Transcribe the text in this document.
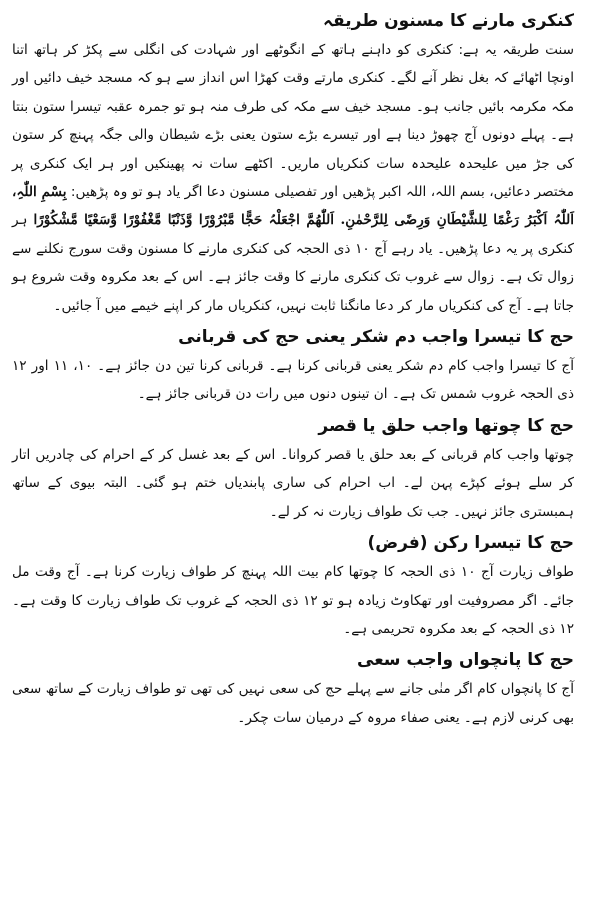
کنکری مارنے کا مسنون طریقہ

سنت طریقہ یہ ہے: کنکری کو داہنے ہاتھ کے انگوٹھے اور شہادت کی انگلی سے پکڑ کر ہاتھ اتنا اونچا اٹھائے کہ بغل نظر آنے لگے۔ کنکری مارتے وقت کھڑا اس انداز سے ہو کہ مسجد خیف دائیں اور مکہ مکرمہ بائیں جانب ہو۔ مسجد خیف سے مکہ کی طرف منہ ہو تو جمرہ عقبہ تیسرا ستون بنتا ہے۔ پہلے دونوں آج چھوڑ دینا ہے اور تیسرے بڑے ستون یعنی بڑے شیطان والی جگہ پہنچ کر ستون کی جڑ میں علیحدہ علیحدہ سات کنکریاں ماریں۔ اکٹھے سات نہ پھینکیں اور ہر ایک کنکری پر مختصر دعائیں، بسم اللہ، اللہ اکبر پڑھیں اور تفصیلی مسنون دعا اگر یاد ہو تو وہ پڑھیں: بِسْمِ اللّٰہِ، اَللّٰہُ اَکْبَرُ رَغْمًا لِلشَّیْطَانِ وَرِضًی لِلرَّحْمٰنِ. اَللّٰھُمَّ اجْعَلْہُ حَجًّا مَّبْرُوْرًا وَّذَنْبًا مَّغْفُوْرًا وَّسَعْیًا مَّشْکُوْرًا ہر کنکری پر یہ دعا پڑھیں۔ یاد رہے آج ۱۰ ذی الحجہ کی کنکری مارنے کا مسنون وقت سورج نکلنے سے زوال تک ہے۔ زوال سے غروب تک کنکری مارنے کا وقت جائز ہے۔ اس کے بعد مکروہ وقت شروع ہو جاتا ہے۔ آج کی کنکریاں مار کر دعا مانگنا ثابت نہیں، کنکریاں مار کر اپنے خیمے میں آ جائیں۔

حج کا تیسرا واجب دم شکر یعنی حج کی قربانی

آج کا تیسرا واجب کام دم شکر یعنی قربانی کرنا ہے۔ قربانی کرنا تین دن جائز ہے۔ ۱۰، ۱۱ اور ۱۲ ذی الحجہ غروب شمس تک ہے۔ ان تینوں دنوں میں رات دن قربانی جائز ہے۔

حج کا چوتھا واجب حلق یا قصر

چوتھا واجب کام قربانی کے بعد حلق یا قصر کروانا۔ اس کے بعد غسل کر کے احرام کی چادریں اتار کر سلے ہوئے کپڑے پہن لے۔ اب احرام کی ساری پابندیاں ختم ہو گئی۔ البتہ بیوی کے ساتھ ہمبستری جائز نہیں۔ جب تک طواف زیارت نہ کر لے۔

حج کا تیسرا رکن (فرض)

طواف زیارت آج ۱۰ ذی الحجہ کا چوتھا کام بیت اللہ پہنچ کر طواف زیارت کرنا ہے۔ آج وقت مل جائے۔ اگر مصروفیت اور تھکاوٹ زیادہ ہو تو ۱۲ ذی الحجہ کے غروب تک طواف زیارت کا وقت ہے۔ ۱۲ ذی الحجہ کے بعد مکروہ تحریمی ہے۔

حج کا پانچواں واجب سعی

آج کا پانچواں کام اگر منٰی جانے سے پہلے حج کی سعی نہیں کی تھی تو طواف زیارت کے ساتھ سعی بھی کرنی لازم ہے۔ یعنی صفاء مروہ کے درمیان سات چکر۔
